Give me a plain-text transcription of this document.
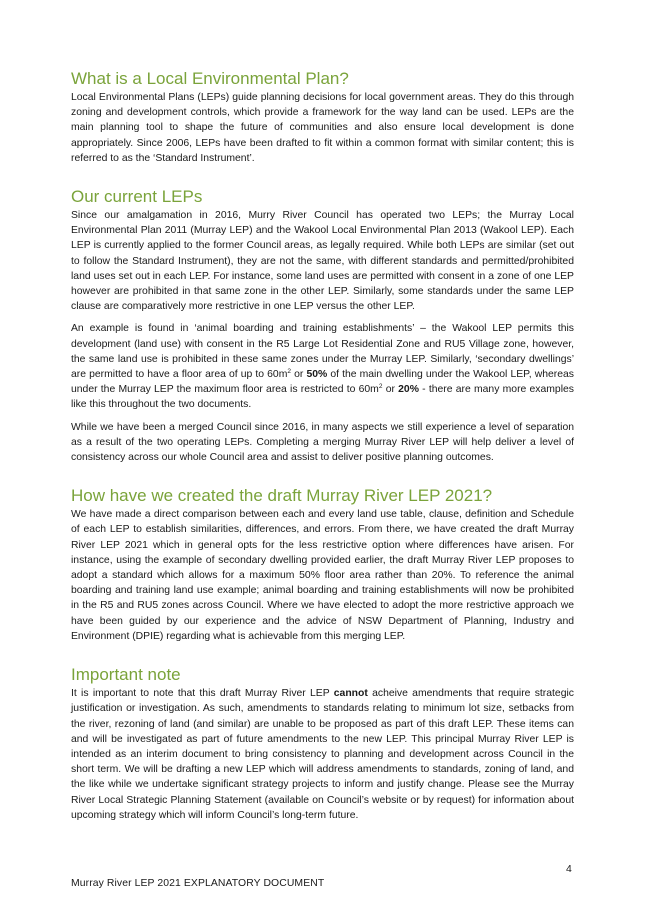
What is a Local Environmental Plan?

Local Environmental Plans (LEPs) guide planning decisions for local government areas. They do this through zoning and development controls, which provide a framework for the way land can be used. LEPs are the main planning tool to shape the future of communities and also ensure local development is done appropriately. Since 2006, LEPs have been drafted to fit within a common format with similar content; this is referred to as the ‘Standard Instrument’.

Our current LEPs

Since our amalgamation in 2016, Murry River Council has operated two LEPs; the Murray Local Environmental Plan 2011 (Murray LEP) and the Wakool Local Environmental Plan 2013 (Wakool LEP). Each LEP is currently applied to the former Council areas, as legally required. While both LEPs are similar (set out to follow the Standard Instrument), they are not the same, with different standards and permitted/prohibited land uses set out in each LEP. For instance, some land uses are permitted with consent in a zone of one LEP however are prohibited in that same zone in the other LEP. Similarly, some standards under the same LEP clause are comparatively more restrictive in one LEP versus the other LEP.

An example is found in ‘animal boarding and training establishments’ – the Wakool LEP permits this development (land use) with consent in the R5 Large Lot Residential Zone and RU5 Village zone, however, the same land use is prohibited in these same zones under the Murray LEP. Similarly, ‘secondary dwellings’ are permitted to have a floor area of up to $60m^2$ or 50% of the main dwelling under the Wakool LEP, whereas under the Murray LEP the maximum floor area is restricted to $60m^2$ or 20% - there are many more examples like this throughout the two documents.

While we have been a merged Council since 2016, in many aspects we still experience a level of separation as a result of the two operating LEPs. Completing a merging Murray River LEP will help deliver a level of consistency across our whole Council area and assist to deliver positive planning outcomes.

How have we created the draft Murray River LEP 2021?

We have made a direct comparison between each and every land use table, clause, definition and Schedule of each LEP to establish similarities, differences, and errors. From there, we have created the draft Murray River LEP 2021 which in general opts for the less restrictive option where differences have arisen. For instance, using the example of secondary dwelling provided earlier, the draft Murray River LEP proposes to adopt a standard which allows for a maximum 50% floor area rather than 20%. To reference the animal boarding and training land use example; animal boarding and training establishments will now be prohibited in the R5 and RU5 zones across Council. Where we have elected to adopt the more restrictive approach we have been guided by our experience and the advice of NSW Department of Planning, Industry and Environment (DPIE) regarding what is achievable from this merging LEP.

Important note

It is important to note that this draft Murray River LEP cannot acheive amendments that require strategic justification or investigation. As such, amendments to standards relating to minimum lot size, setbacks from the river, rezoning of land (and similar) are unable to be proposed as part of this draft LEP. These items can and will be investigated as part of future amendments to the new LEP. This principal Murray River LEP is intended as an interim document to bring consistency to planning and development across Council in the short term. We will be drafting a new LEP which will address amendments to standards, zoning of land, and the like while we undertake significant strategy projects to inform and justify change. Please see the Murray River Local Strategic Planning Statement (available on Council’s website or by request) for information about upcoming strategy which will inform Council’s long-term future.

4
Murray River LEP 2021 EXPLANATORY DOCUMENT
